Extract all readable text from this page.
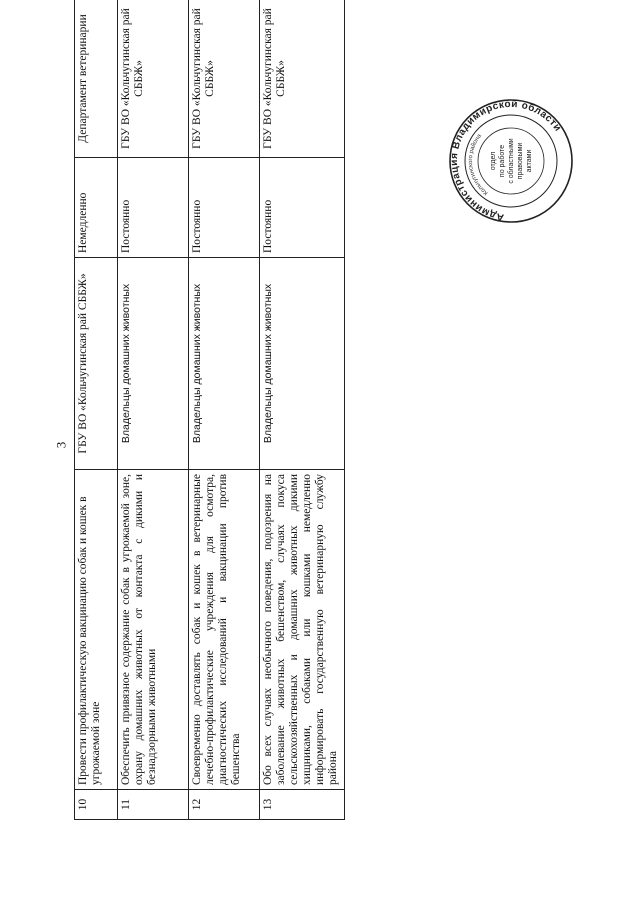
3
10	Провести профилактическую вакцинацию собак и кошек в угрожаемой зоне	ГБУ ВО «Кольчугинская рай СББЖ»	Немедленно	Департамент ветеринарии
11	Обеспечить привязное содержание собак в угрожаемой зоне, охрану домашних животных от контакта с дикими и безнадзорными животными	Владельцы домашних животных	Постоянно	ГБУ ВО «Кольчугинская рай СББЖ»
12	Своевременно доставлять собак и кошек в ветеринарные лечебно-профилактические учреждения для осмотра, диагностических исследований и вакцинации против бешенства	Владельцы домашних животных	Постоянно	ГБУ ВО «Кольчугинская рай СББЖ»
13	Обо всех случаях необычного поведения, подозрения на заболевание животных бешенством, случаях покуса сельскохозяйственных и домашних животных дикими хищниками, собаками или кошками немедленно информировать государственную ветеринарную службу района	Владельцы домашних животных	Постоянно	ГБУ ВО «Кольчугинская рай СББЖ»
Администрация Владимирской области
Кольчугинского района
отдел по работе с областными правовыми актами
